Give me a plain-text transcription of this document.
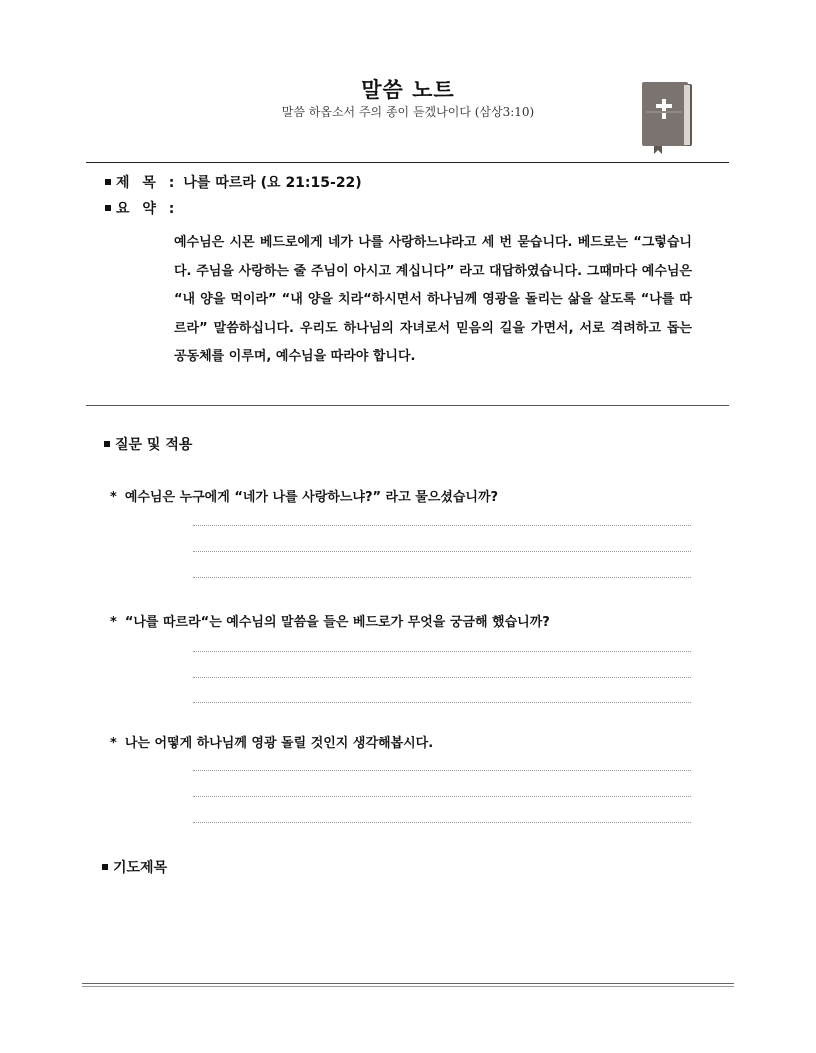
말씀 노트
말씀 하옵소서 주의 종이 듣겠나이다 (삼상3:10)
제 목 : 나를 따르라 (요 21:15-22)
요 약 :
예수님은 시몬 베드로에게 네가 나를 사랑하느냐라고 세 번 묻습니다. 베드로는 “그렇습니다. 주님을 사랑하는 줄 주님이 아시고 계십니다” 라고 대답하였습니다. 그때마다 예수님은 “내 양을 먹이라” “내 양을 치라“하시면서 하나님께 영광을 돌리는 삶을 살도록 “나를 따르라” 말씀하십니다. 우리도 하나님의 자녀로서 믿음의 길을 가면서, 서로 격려하고 돕는 공동체를 이루며, 예수님을 따라야 합니다.
질문 및 적용
* 예수님은 누구에게 “네가 나를 사랑하느냐?” 라고 물으셨습니까?
* “나를 따르라“는 예수님의 말씀을 들은 베드로가 무엇을 궁금해 했습니까?
* 나는 어떻게 하나님께 영광 돌릴 것인지 생각해봅시다.
기도제목
